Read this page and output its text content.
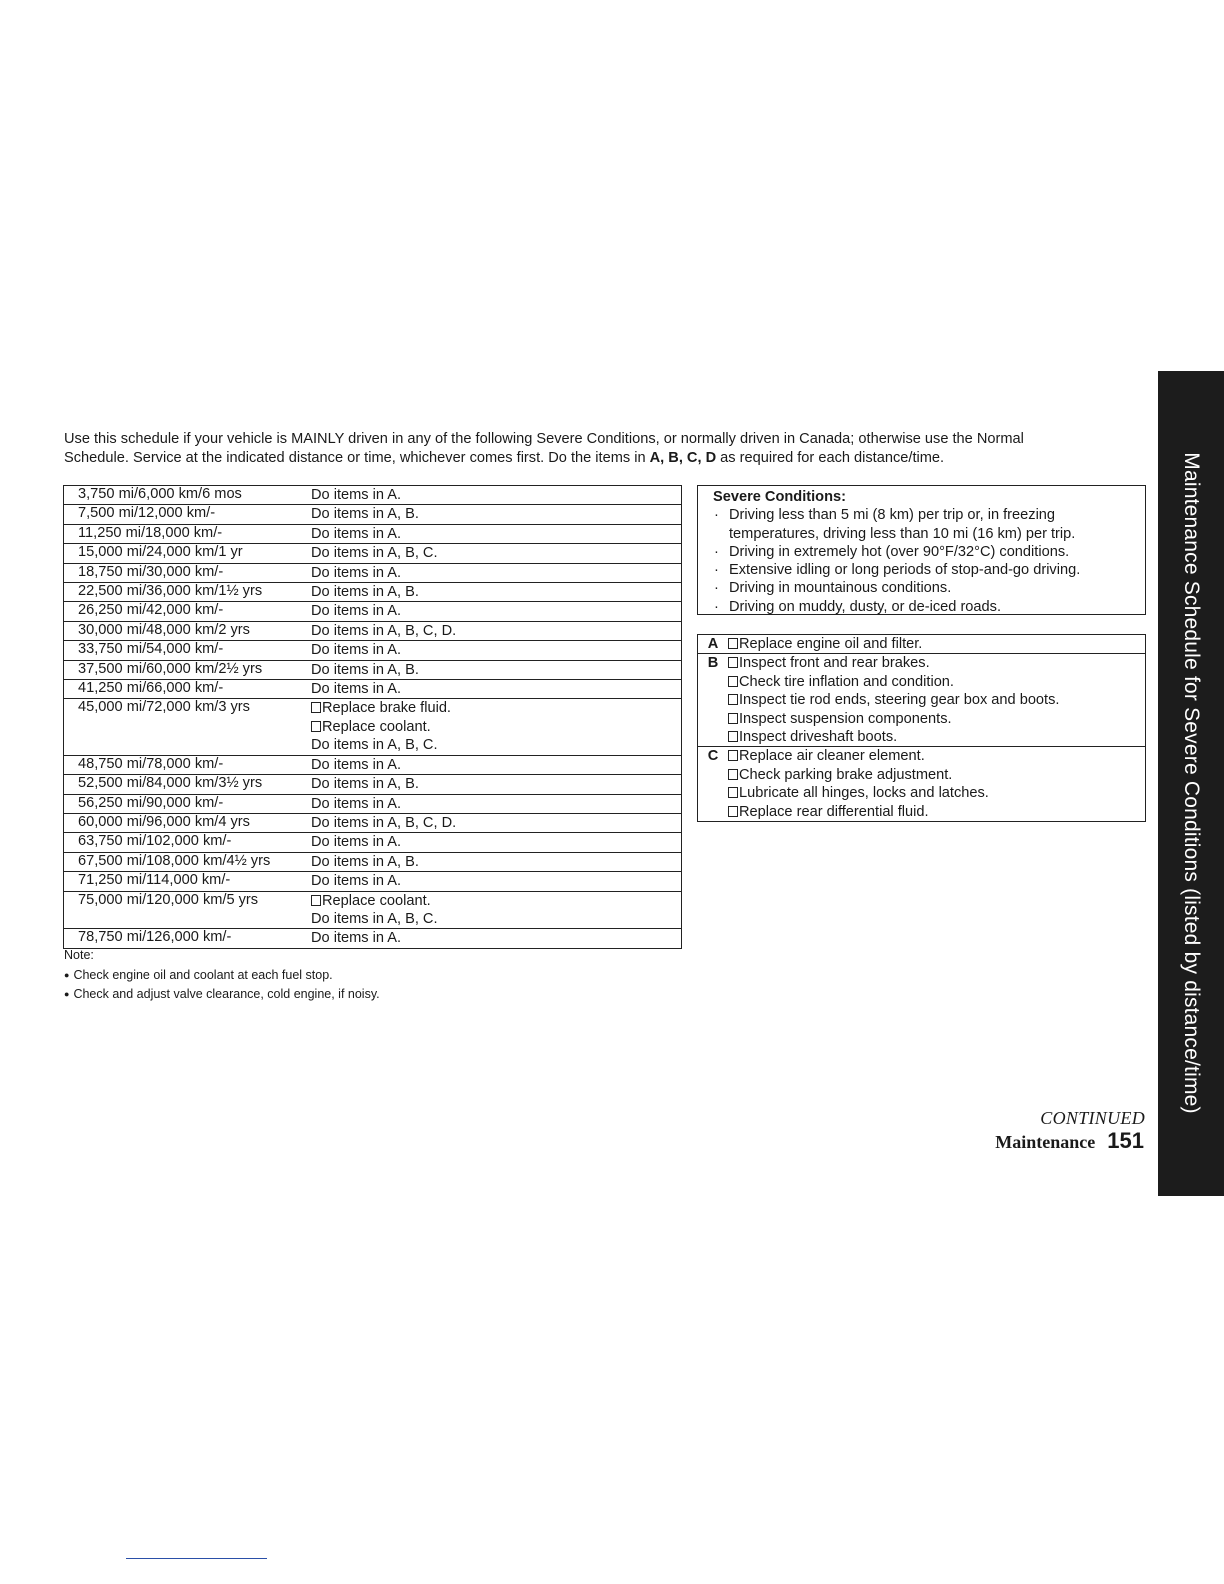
Use this schedule if your vehicle is MAINLY driven in any of the following Severe Conditions, or normally driven in Canada; otherwise use the Normal
Schedule. Service at the indicated distance or time, whichever comes first. Do the items in A, B, C, D as required for each distance/time.
3,750 mi/6,000 km/6 mos	Do items in A.
7,500 mi/12,000 km/-	Do items in A, B.
11,250 mi/18,000 km/-	Do items in A.
15,000 mi/24,000 km/1 yr	Do items in A, B, C.
18,750 mi/30,000 km/-	Do items in A.
22,500 mi/36,000 km/1½ yrs	Do items in A, B.
26,250 mi/42,000 km/-	Do items in A.
30,000 mi/48,000 km/2 yrs	Do items in A, B, C, D.
33,750 mi/54,000 km/-	Do items in A.
37,500 mi/60,000 km/2½ yrs	Do items in A, B.
41,250 mi/66,000 km/-	Do items in A.
45,000 mi/72,000 km/3 yrs	Replace brake fluid.
Replace coolant.
Do items in A, B, C.
48,750 mi/78,000 km/-	Do items in A.
52,500 mi/84,000 km/3½ yrs	Do items in A, B.
56,250 mi/90,000 km/-	Do items in A.
60,000 mi/96,000 km/4 yrs	Do items in A, B, C, D.
63,750 mi/102,000 km/-	Do items in A.
67,500 mi/108,000 km/4½ yrs	Do items in A, B.
71,250 mi/114,000 km/-	Do items in A.
75,000 mi/120,000 km/5 yrs	Replace coolant.
Do items in A, B, C.
78,750 mi/126,000 km/-	Do items in A.
Severe Conditions:
· Driving less than 5 mi (8 km) per trip or, in freezing temperatures, driving less than 10 mi (16 km) per trip.
· Driving in extremely hot (over 90°F/32°C) conditions.
· Extensive idling or long periods of stop-and-go driving.
· Driving in mountainous conditions.
· Driving on muddy, dusty, or de-iced roads.
A	Replace engine oil and filter.
B	Inspect front and rear brakes.
Check tire inflation and condition.
Inspect tie rod ends, steering gear box and boots.
Inspect suspension components.
Inspect driveshaft boots.
C	Replace air cleaner element.
Check parking brake adjustment.
Lubricate all hinges, locks and latches.
Replace rear differential fluid.
Note:
● Check engine oil and coolant at each fuel stop.
● Check and adjust valve clearance, cold engine, if noisy.
CONTINUED
Maintenance 151
Maintenance Schedule for Severe Conditions (listed by distance/time)
